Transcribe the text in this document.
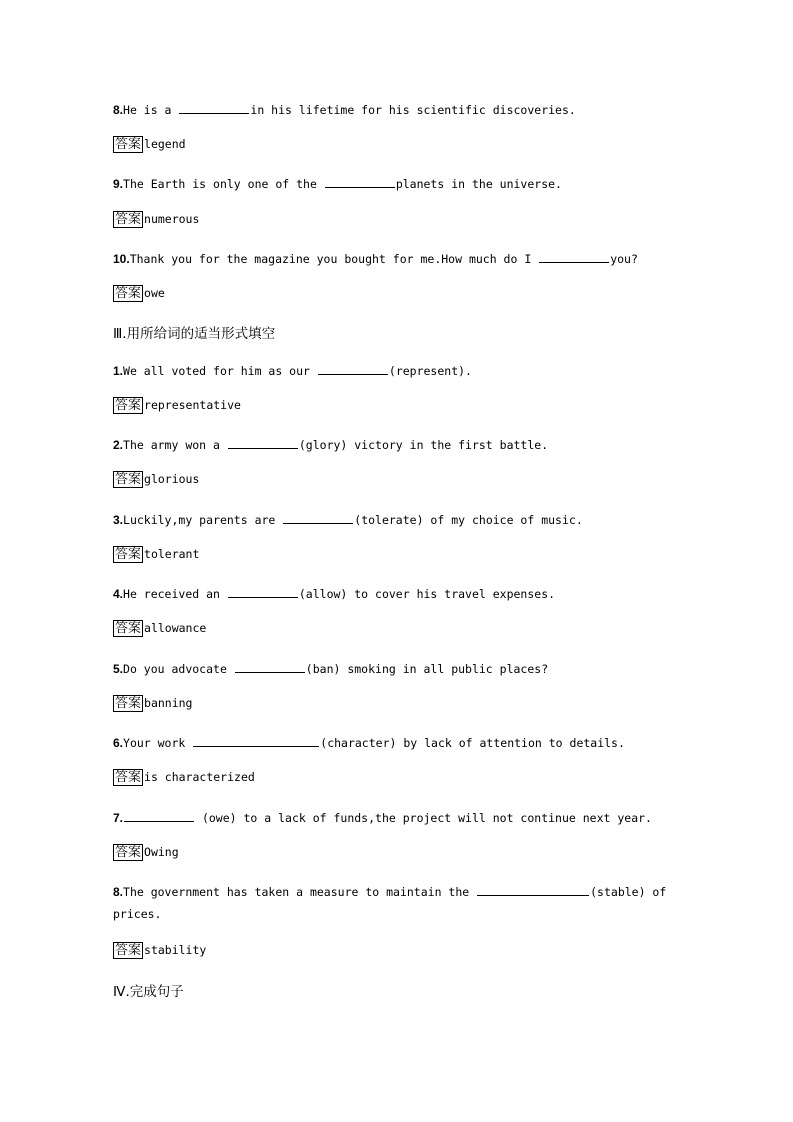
8.He is a	in his lifetime for his scientific discoveries.
答案 legend
9.The Earth is only one of the	planets in the universe.
答案 numerous
10.Thank you for the magazine you bought for me.How much do I	you?
答案 owe
Ⅲ.用所给词的适当形式填空
1.We all voted for him as our	(represent).
答案 representative
2.The army won a	(glory) victory in the first battle.
答案 glorious
3.Luckily,my parents are	(tolerate) of my choice of music.
答案 tolerant
4.He received an	(allow) to cover his travel expenses.
答案 allowance
5.Do you advocate	(ban) smoking in all public places?
答案 banning
6.Your work	(character) by lack of attention to details.
答案 is characterized
7.	(owe) to a lack of funds,the project will not continue next year.
答案 Owing
8.The government has taken a measure to maintain the	(stable) of
prices.
答案 stability
Ⅳ.完成句子
